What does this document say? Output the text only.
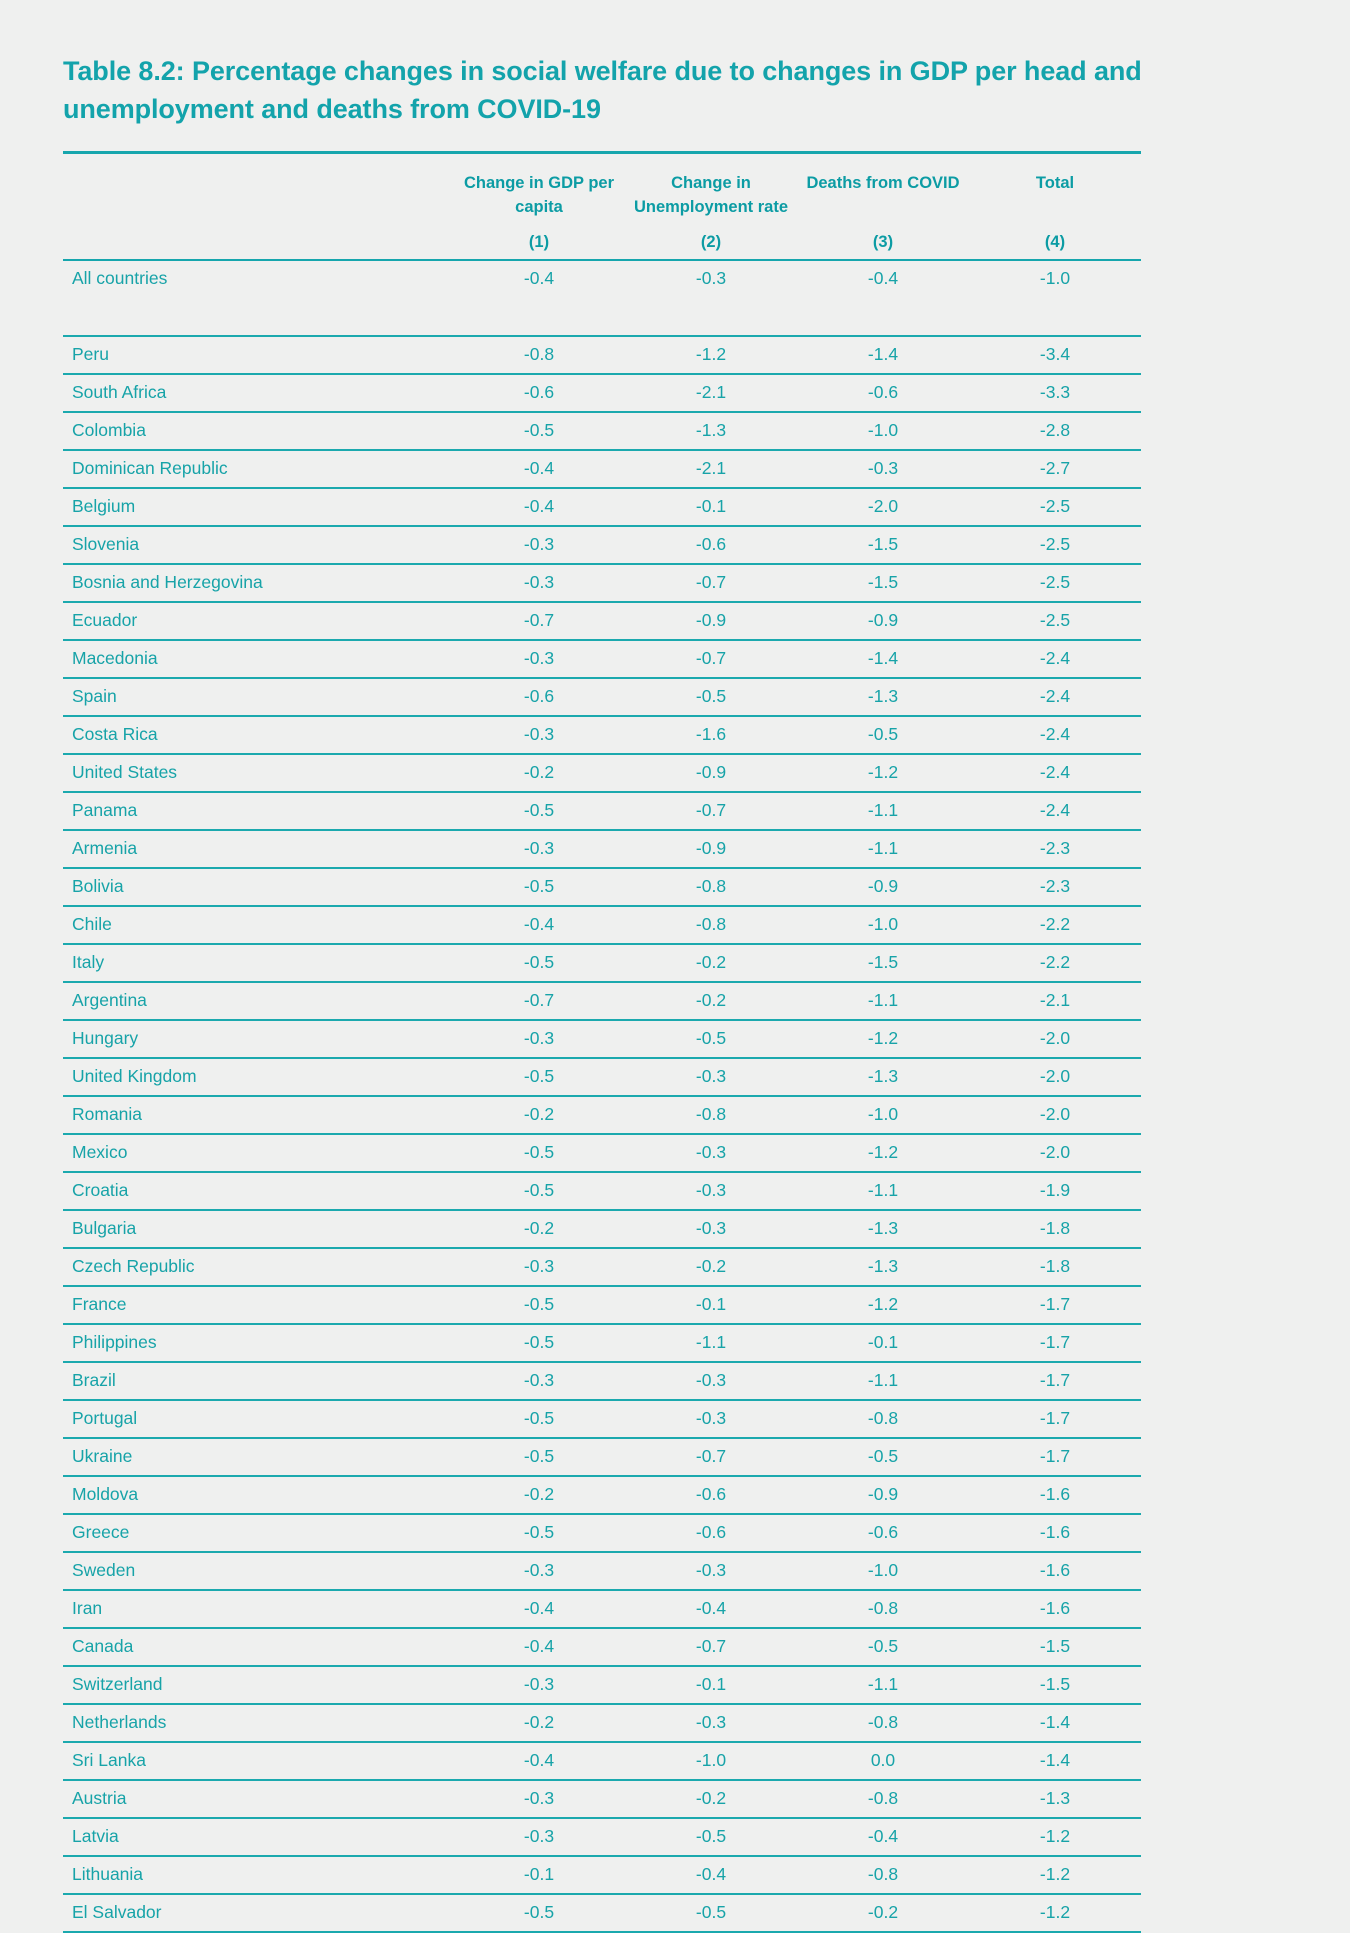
Table 8.2: Percentage changes in social welfare due to changes in GDP per head and unemployment and deaths from COVID-19
	Change in GDP per capita	Change in Unemployment rate	Deaths from COVID	Total
	(1)	(2)	(3)	(4)
All countries	-0.4	-0.3	-0.4	-1.0

Peru	-0.8	-1.2	-1.4	-3.4
South Africa	-0.6	-2.1	-0.6	-3.3
Colombia	-0.5	-1.3	-1.0	-2.8
Dominican Republic	-0.4	-2.1	-0.3	-2.7
Belgium	-0.4	-0.1	-2.0	-2.5
Slovenia	-0.3	-0.6	-1.5	-2.5
Bosnia and Herzegovina	-0.3	-0.7	-1.5	-2.5
Ecuador	-0.7	-0.9	-0.9	-2.5
Macedonia	-0.3	-0.7	-1.4	-2.4
Spain	-0.6	-0.5	-1.3	-2.4
Costa Rica	-0.3	-1.6	-0.5	-2.4
United States	-0.2	-0.9	-1.2	-2.4
Panama	-0.5	-0.7	-1.1	-2.4
Armenia	-0.3	-0.9	-1.1	-2.3
Bolivia	-0.5	-0.8	-0.9	-2.3
Chile	-0.4	-0.8	-1.0	-2.2
Italy	-0.5	-0.2	-1.5	-2.2
Argentina	-0.7	-0.2	-1.1	-2.1
Hungary	-0.3	-0.5	-1.2	-2.0
United Kingdom	-0.5	-0.3	-1.3	-2.0
Romania	-0.2	-0.8	-1.0	-2.0
Mexico	-0.5	-0.3	-1.2	-2.0
Croatia	-0.5	-0.3	-1.1	-1.9
Bulgaria	-0.2	-0.3	-1.3	-1.8
Czech Republic	-0.3	-0.2	-1.3	-1.8
France	-0.5	-0.1	-1.2	-1.7
Philippines	-0.5	-1.1	-0.1	-1.7
Brazil	-0.3	-0.3	-1.1	-1.7
Portugal	-0.5	-0.3	-0.8	-1.7
Ukraine	-0.5	-0.7	-0.5	-1.7
Moldova	-0.2	-0.6	-0.9	-1.6
Greece	-0.5	-0.6	-0.6	-1.6
Sweden	-0.3	-0.3	-1.0	-1.6
Iran	-0.4	-0.4	-0.8	-1.6
Canada	-0.4	-0.7	-0.5	-1.5
Switzerland	-0.3	-0.1	-1.1	-1.5
Netherlands	-0.2	-0.3	-0.8	-1.4
Sri Lanka	-0.4	-1.0	0.0	-1.4
Austria	-0.3	-0.2	-0.8	-1.3
Latvia	-0.3	-0.5	-0.4	-1.2
Lithuania	-0.1	-0.4	-0.8	-1.2
El Salvador	-0.5	-0.5	-0.2	-1.2
